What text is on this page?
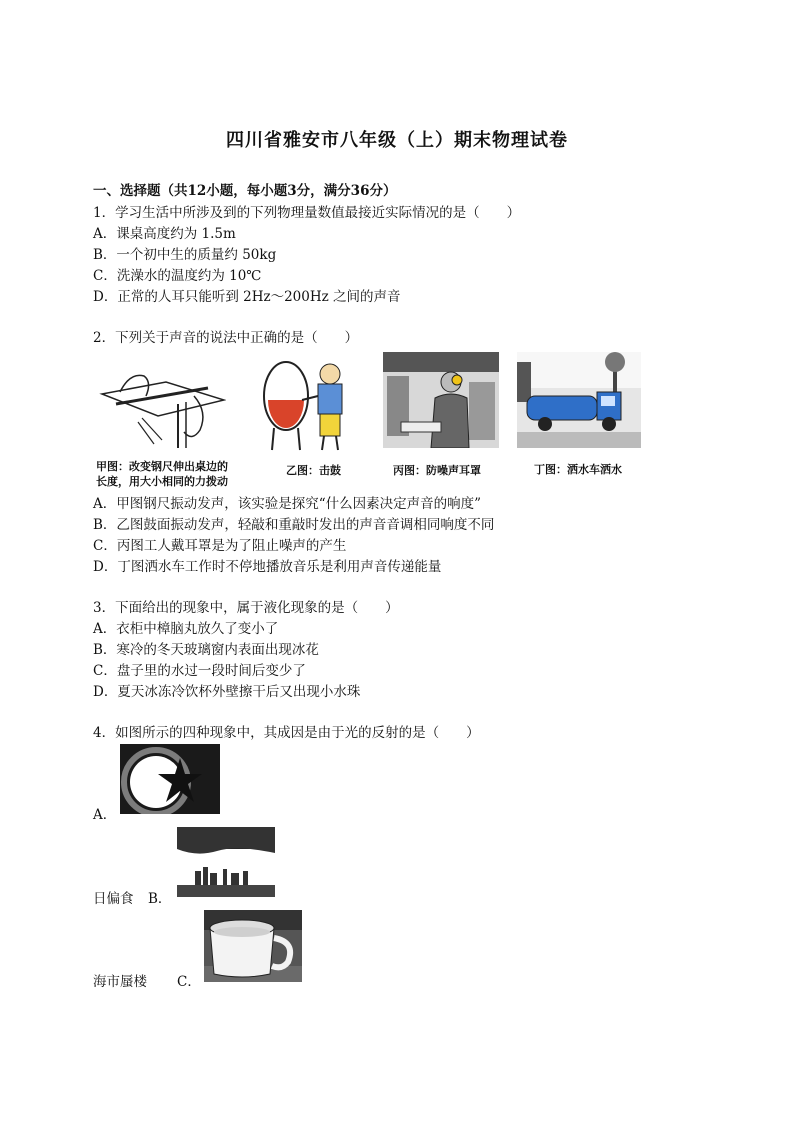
四川省雅安市八年级（上）期末物理试卷
一、选择题（共12小题，每小题3分，满分36分）
1．学习生活中所涉及到的下列物理量数值最接近实际情况的是（　　）
A．课桌高度约为 1.5m
B．一个初中生的质量约 50kg
C．洗澡水的温度约为 10℃
D．正常的人耳只能听到 2Hz～200Hz 之间的声音
2．下列关于声音的说法中正确的是（　　）
甲图：改变钢尺伸出桌边的
长度，用大小相同的力拨动
乙图：击鼓	丙图：防噪声耳罩	丁图：洒水车洒水
A．甲图钢尺振动发声，该实验是探究“什么因素决定声音的响度”
B．乙图鼓面振动发声，轻敲和重敲时发出的声音音调相同响度不同
C．丙图工人戴耳罩是为了阻止噪声的产生
D．丁图洒水车工作时不停地播放音乐是利用声音传递能量
3．下面给出的现象中，属于液化现象的是（　　）
A．衣柜中樟脑丸放久了变小了
B．寒冷的冬天玻璃窗内表面出现冰花
C．盘子里的水过一段时间后变少了
D．夏天冰冻冷饮杯外壁擦干后又出现小水珠
4．如图所示的四种现象中，其成因是由于光的反射的是（　　）
A．
日偏食 B．
海市蜃楼 C．
